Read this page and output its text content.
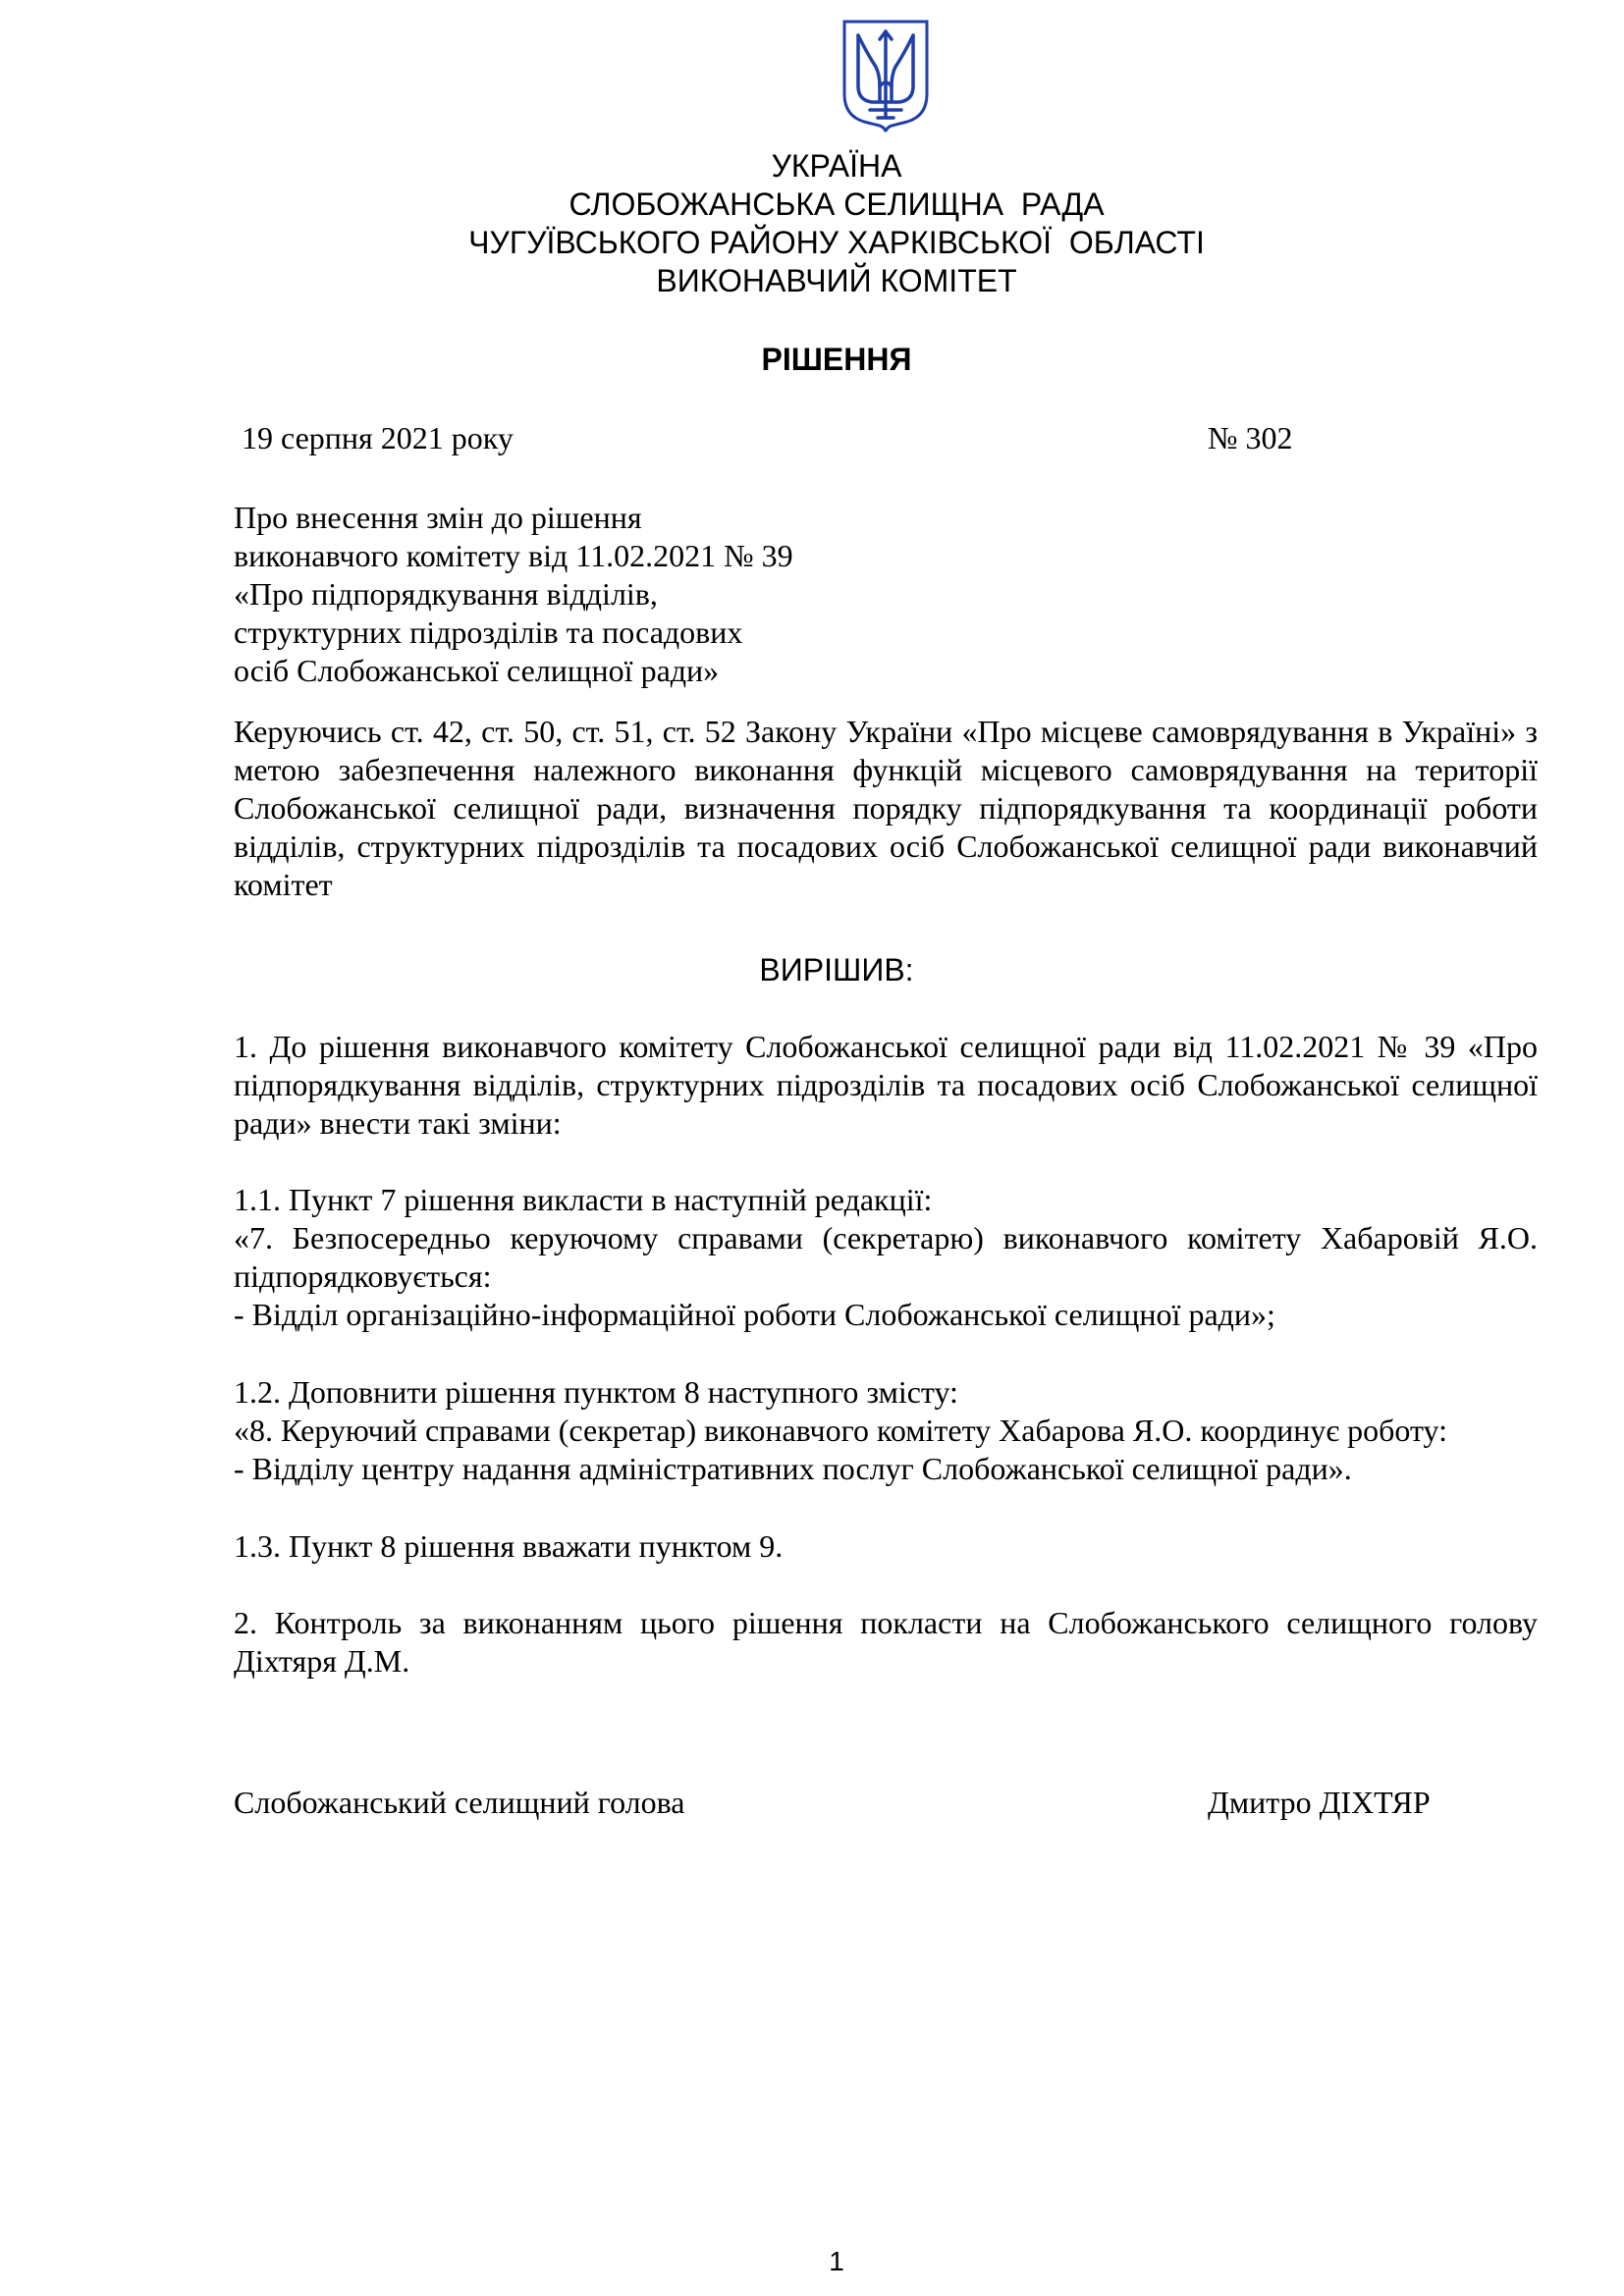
УКРАЇНА
СЛОБОЖАНСЬКА СЕЛИЩНА  РАДА
ЧУГУЇВСЬКОГО РАЙОНУ ХАРКІВСЬКОЇ  ОБЛАСТІ
ВИКОНАВЧИЙ КОМІТЕТ
РІШЕННЯ
19 серпня 2021 року	№ 302
Про внесення змін до рішення
виконавчого комітету від 11.02.2021 № 39
«Про підпорядкування відділів,
структурних підрозділів та посадових
осіб Слобожанської селищної ради»
Керуючись ст. 42, ст. 50, ст. 51, ст. 52 Закону України «Про місцеве самоврядування в Україні» з метою забезпечення належного виконання функцій місцевого самоврядування на території Слобожанської селищної ради, визначення порядку підпорядкування та координації роботи відділів, структурних підрозділів та посадових осіб Слобожанської селищної ради виконавчий комітет
ВИРІШИВ:
1. До рішення виконавчого комітету Слобожанської селищної ради від 11.02.2021 № 39 «Про підпорядкування відділів, структурних підрозділів та посадових осіб Слобожанської селищної ради» внести такі зміни:
1.1. Пункт 7 рішення викласти в наступній редакції:
«7. Безпосередньо керуючому справами (секретарю) виконавчого комітету Хабаровій Я.О. підпорядковується:
- Відділ організаційно-інформаційної роботи Слобожанської селищної ради»;
1.2. Доповнити рішення пунктом 8 наступного змісту:
«8. Керуючий справами (секретар) виконавчого комітету Хабарова Я.О. координує роботу:
- Відділу центру надання адміністративних послуг Слобожанської селищної ради».
1.3. Пункт 8 рішення вважати пунктом 9.
2. Контроль за виконанням цього рішення покласти на Слобожанського селищного голову Діхтяря Д.М.
Слобожанський селищний голова	Дмитро ДІХТЯР
1
